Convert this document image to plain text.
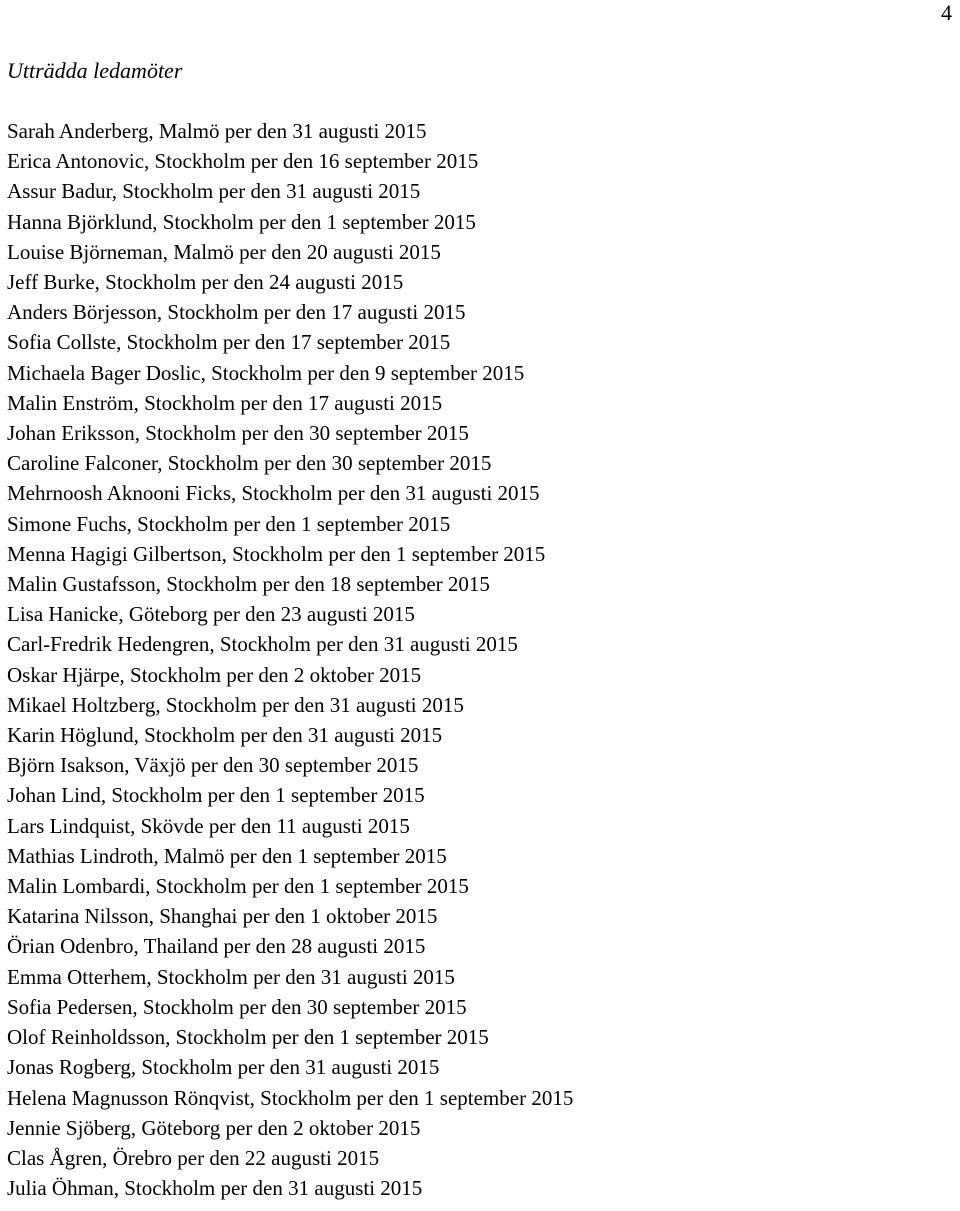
4
Utträdda ledamöter
Sarah Anderberg, Malmö per den 31 augusti 2015
Erica Antonovic, Stockholm per den 16 september 2015
Assur Badur, Stockholm per den 31 augusti 2015
Hanna Björklund, Stockholm per den 1 september 2015
Louise Björneman, Malmö per den 20 augusti 2015
Jeff Burke, Stockholm per den 24 augusti 2015
Anders Börjesson, Stockholm per den 17 augusti 2015
Sofia Collste, Stockholm per den 17 september 2015
Michaela Bager Doslic, Stockholm per den 9 september 2015
Malin Enström, Stockholm per den 17 augusti 2015
Johan Eriksson, Stockholm per den 30 september 2015
Caroline Falconer, Stockholm per den 30 september 2015
Mehrnoosh Aknooni Ficks, Stockholm per den 31 augusti 2015
Simone Fuchs, Stockholm per den 1 september 2015
Menna Hagigi Gilbertson, Stockholm per den 1 september 2015
Malin Gustafsson, Stockholm per den 18 september 2015
Lisa Hanicke, Göteborg per den 23 augusti 2015
Carl-Fredrik Hedengren, Stockholm per den 31 augusti 2015
Oskar Hjärpe, Stockholm per den 2 oktober 2015
Mikael Holtzberg, Stockholm per den 31 augusti 2015
Karin Höglund, Stockholm per den 31 augusti 2015
Björn Isakson, Växjö per den 30 september 2015
Johan Lind, Stockholm per den 1 september 2015
Lars Lindquist, Skövde per den 11 augusti 2015
Mathias Lindroth, Malmö per den 1 september 2015
Malin Lombardi, Stockholm per den 1 september 2015
Katarina Nilsson, Shanghai per den 1 oktober 2015
Örian Odenbro, Thailand per den 28 augusti 2015
Emma Otterhem, Stockholm per den 31 augusti 2015
Sofia Pedersen, Stockholm per den 30 september 2015
Olof Reinholdsson, Stockholm per den 1 september 2015
Jonas Rogberg, Stockholm per den 31 augusti 2015
Helena Magnusson Rönqvist, Stockholm per den 1 september 2015
Jennie Sjöberg, Göteborg per den 2 oktober 2015
Clas Ågren, Örebro per den 22 augusti 2015
Julia Öhman, Stockholm per den 31 augusti 2015
